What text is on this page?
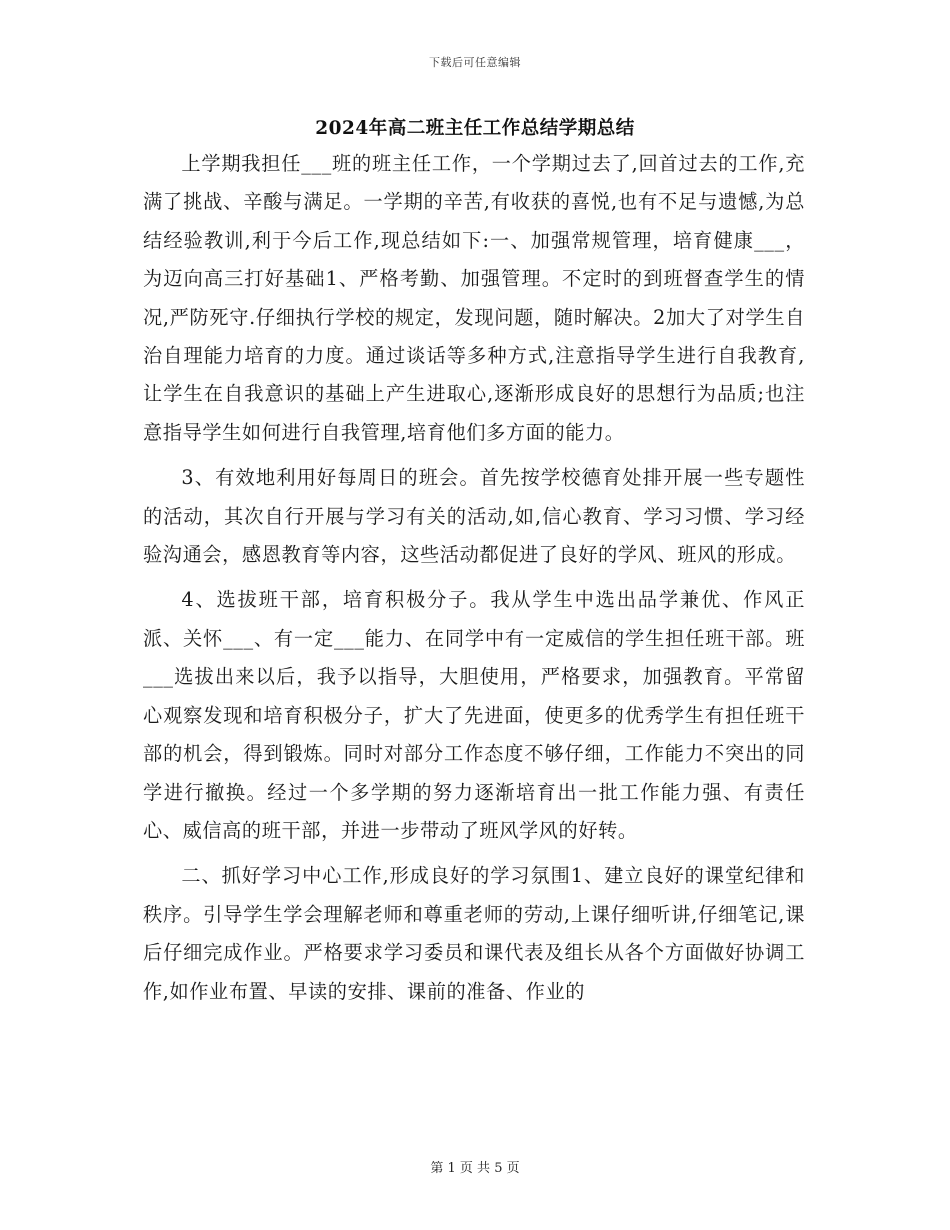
下载后可任意编辑
2024年高二班主任工作总结学期总结

上学期我担任___班的班主任工作，一个学期过去了,回首过去的工作,充满了挑战、辛酸与满足。一学期的辛苦,有收获的喜悦,也有不足与遗憾,为总结经验教训,利于今后工作,现总结如下:一、加强常规管理，培育健康___，为迈向高三打好基础1、严格考勤、加强管理。不定时的到班督查学生的情况,严防死守.仔细执行学校的规定，发现问题，随时解决。2加大了对学生自治自理能力培育的力度。通过谈话等多种方式,注意指导学生进行自我教育,让学生在自我意识的基础上产生进取心,逐渐形成良好的思想行为品质;也注意指导学生如何进行自我管理,培育他们多方面的能力。

3、有效地利用好每周日的班会。首先按学校德育处排开展一些专题性的活动，其次自行开展与学习有关的活动,如,信心教育、学习习惯、学习经验沟通会，感恩教育等内容，这些活动都促进了良好的学风、班风的形成。

4、选拔班干部，培育积极分子。我从学生中选出品学兼优、作风正派、关怀___、有一定___能力、在同学中有一定威信的学生担任班干部。班___选拔出来以后，我予以指导，大胆使用，严格要求，加强教育。平常留心观察发现和培育积极分子，扩大了先进面，使更多的优秀学生有担任班干部的机会，得到锻炼。同时对部分工作态度不够仔细，工作能力不突出的同学进行撤换。经过一个多学期的努力逐渐培育出一批工作能力强、有责任心、威信高的班干部，并进一步带动了班风学风的好转。

二、抓好学习中心工作,形成良好的学习氛围1、建立良好的课堂纪律和秩序。引导学生学会理解老师和尊重老师的劳动,上课仔细听讲,仔细笔记,课后仔细完成作业。严格要求学习委员和课代表及组长从各个方面做好协调工作,如作业布置、早读的安排、课前的准备、作业的

第 1 页 共 5 页
